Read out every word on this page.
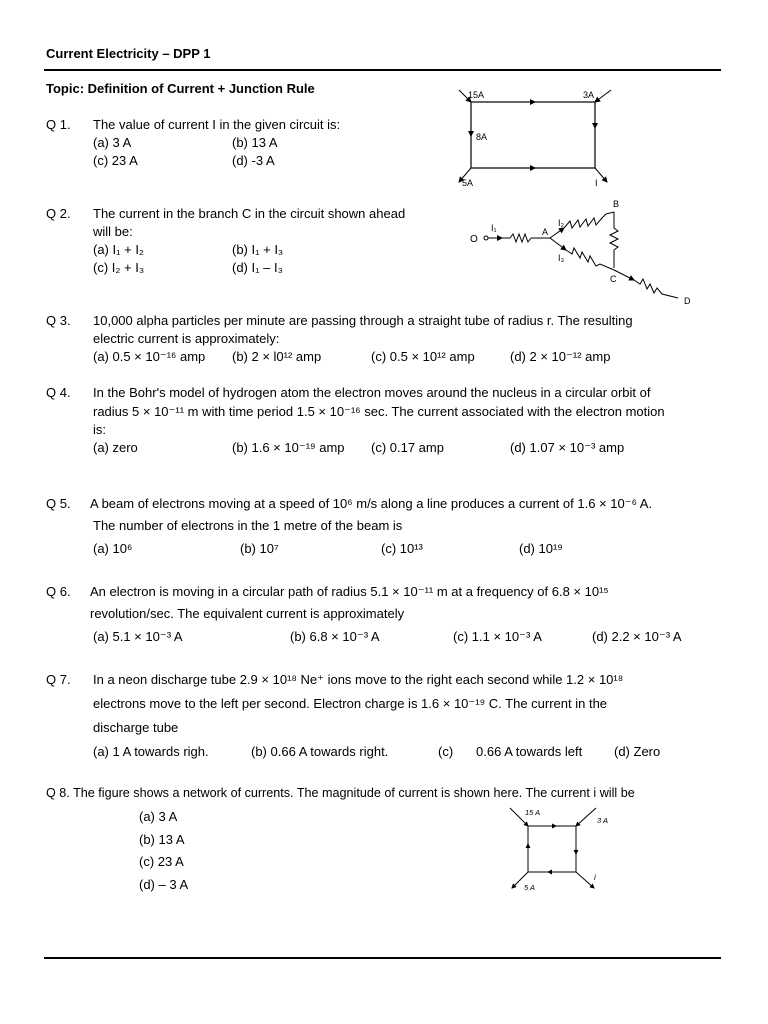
Current Electricity – DPP 1
Topic: Definition of Current + Junction Rule
Q 1. The value of current I in the given circuit is:
(a) 3 A	(b) 13 A
(c) 23 A	(d) -3 A
15A	3A
8A
5A	I
Q 2. The current in the branch C in the circuit shown ahead
will be:
(a) I₁ + I₂	(b) I₁ + I₃
(c) I₂ + I₃	(d) I₁ – I₃
O
I₁	A
I₂
I₃
B
C
D
Q 3. 10,000 alpha particles per minute are passing through a straight tube of radius r. The resulting
electric current is approximately:
(a) 0.5 × 10⁻¹⁶ amp (b) 2 × l0¹² amp	(c) 0.5 × 10¹² amp	(d) 2 × 10⁻¹² amp
Q 4. In the Bohr's model of hydrogen atom the electron moves around the nucleus in a circular orbit of
radius 5 × 10⁻¹¹ m with time period 1.5 × 10⁻¹⁶ sec. The current associated with the electron motion
is:
(a) zero	(b) 1.6 × 10⁻¹⁹ amp (c) 0.17 amp	(d) 1.07 × 10⁻³ amp
Q 5. A beam of electrons moving at a speed of 10⁶ m/s along a line produces a current of 1.6 × 10⁻⁶ A.
The number of electrons in the 1 metre of the beam is
(a) 10⁶	(b) 10⁷	(c) 10¹³	(d) 10¹⁹
Q 6. An electron is moving in a circular path of radius 5.1 × 10⁻¹¹ m at a frequency of 6.8 × 10¹⁵
revolution/sec. The equivalent current is approximately
(a) 5.1 × 10⁻³ A	(b) 6.8 × 10⁻³ A	(c) 1.1 × 10⁻³ A	(d) 2.2 × 10⁻³ A
Q 7. In a neon discharge tube 2.9 × 10¹⁸ Ne⁺ ions move to the right each second while 1.2 × 10¹⁸
electrons move to the left per second. Electron charge is 1.6 × 10⁻¹⁹ C. The current in the
discharge tube
(a) 1 A towards righ.	(b) 0.66 A towards right.	(c) 0.66 A towards left (d) Zero
Q 8. The figure shows a network of currents. The magnitude of current is shown here. The current i will be
(a) 3 A
(b) 13 A
(c) 23 A
(d) – 3 A
15 A
3 A
5 A
i
